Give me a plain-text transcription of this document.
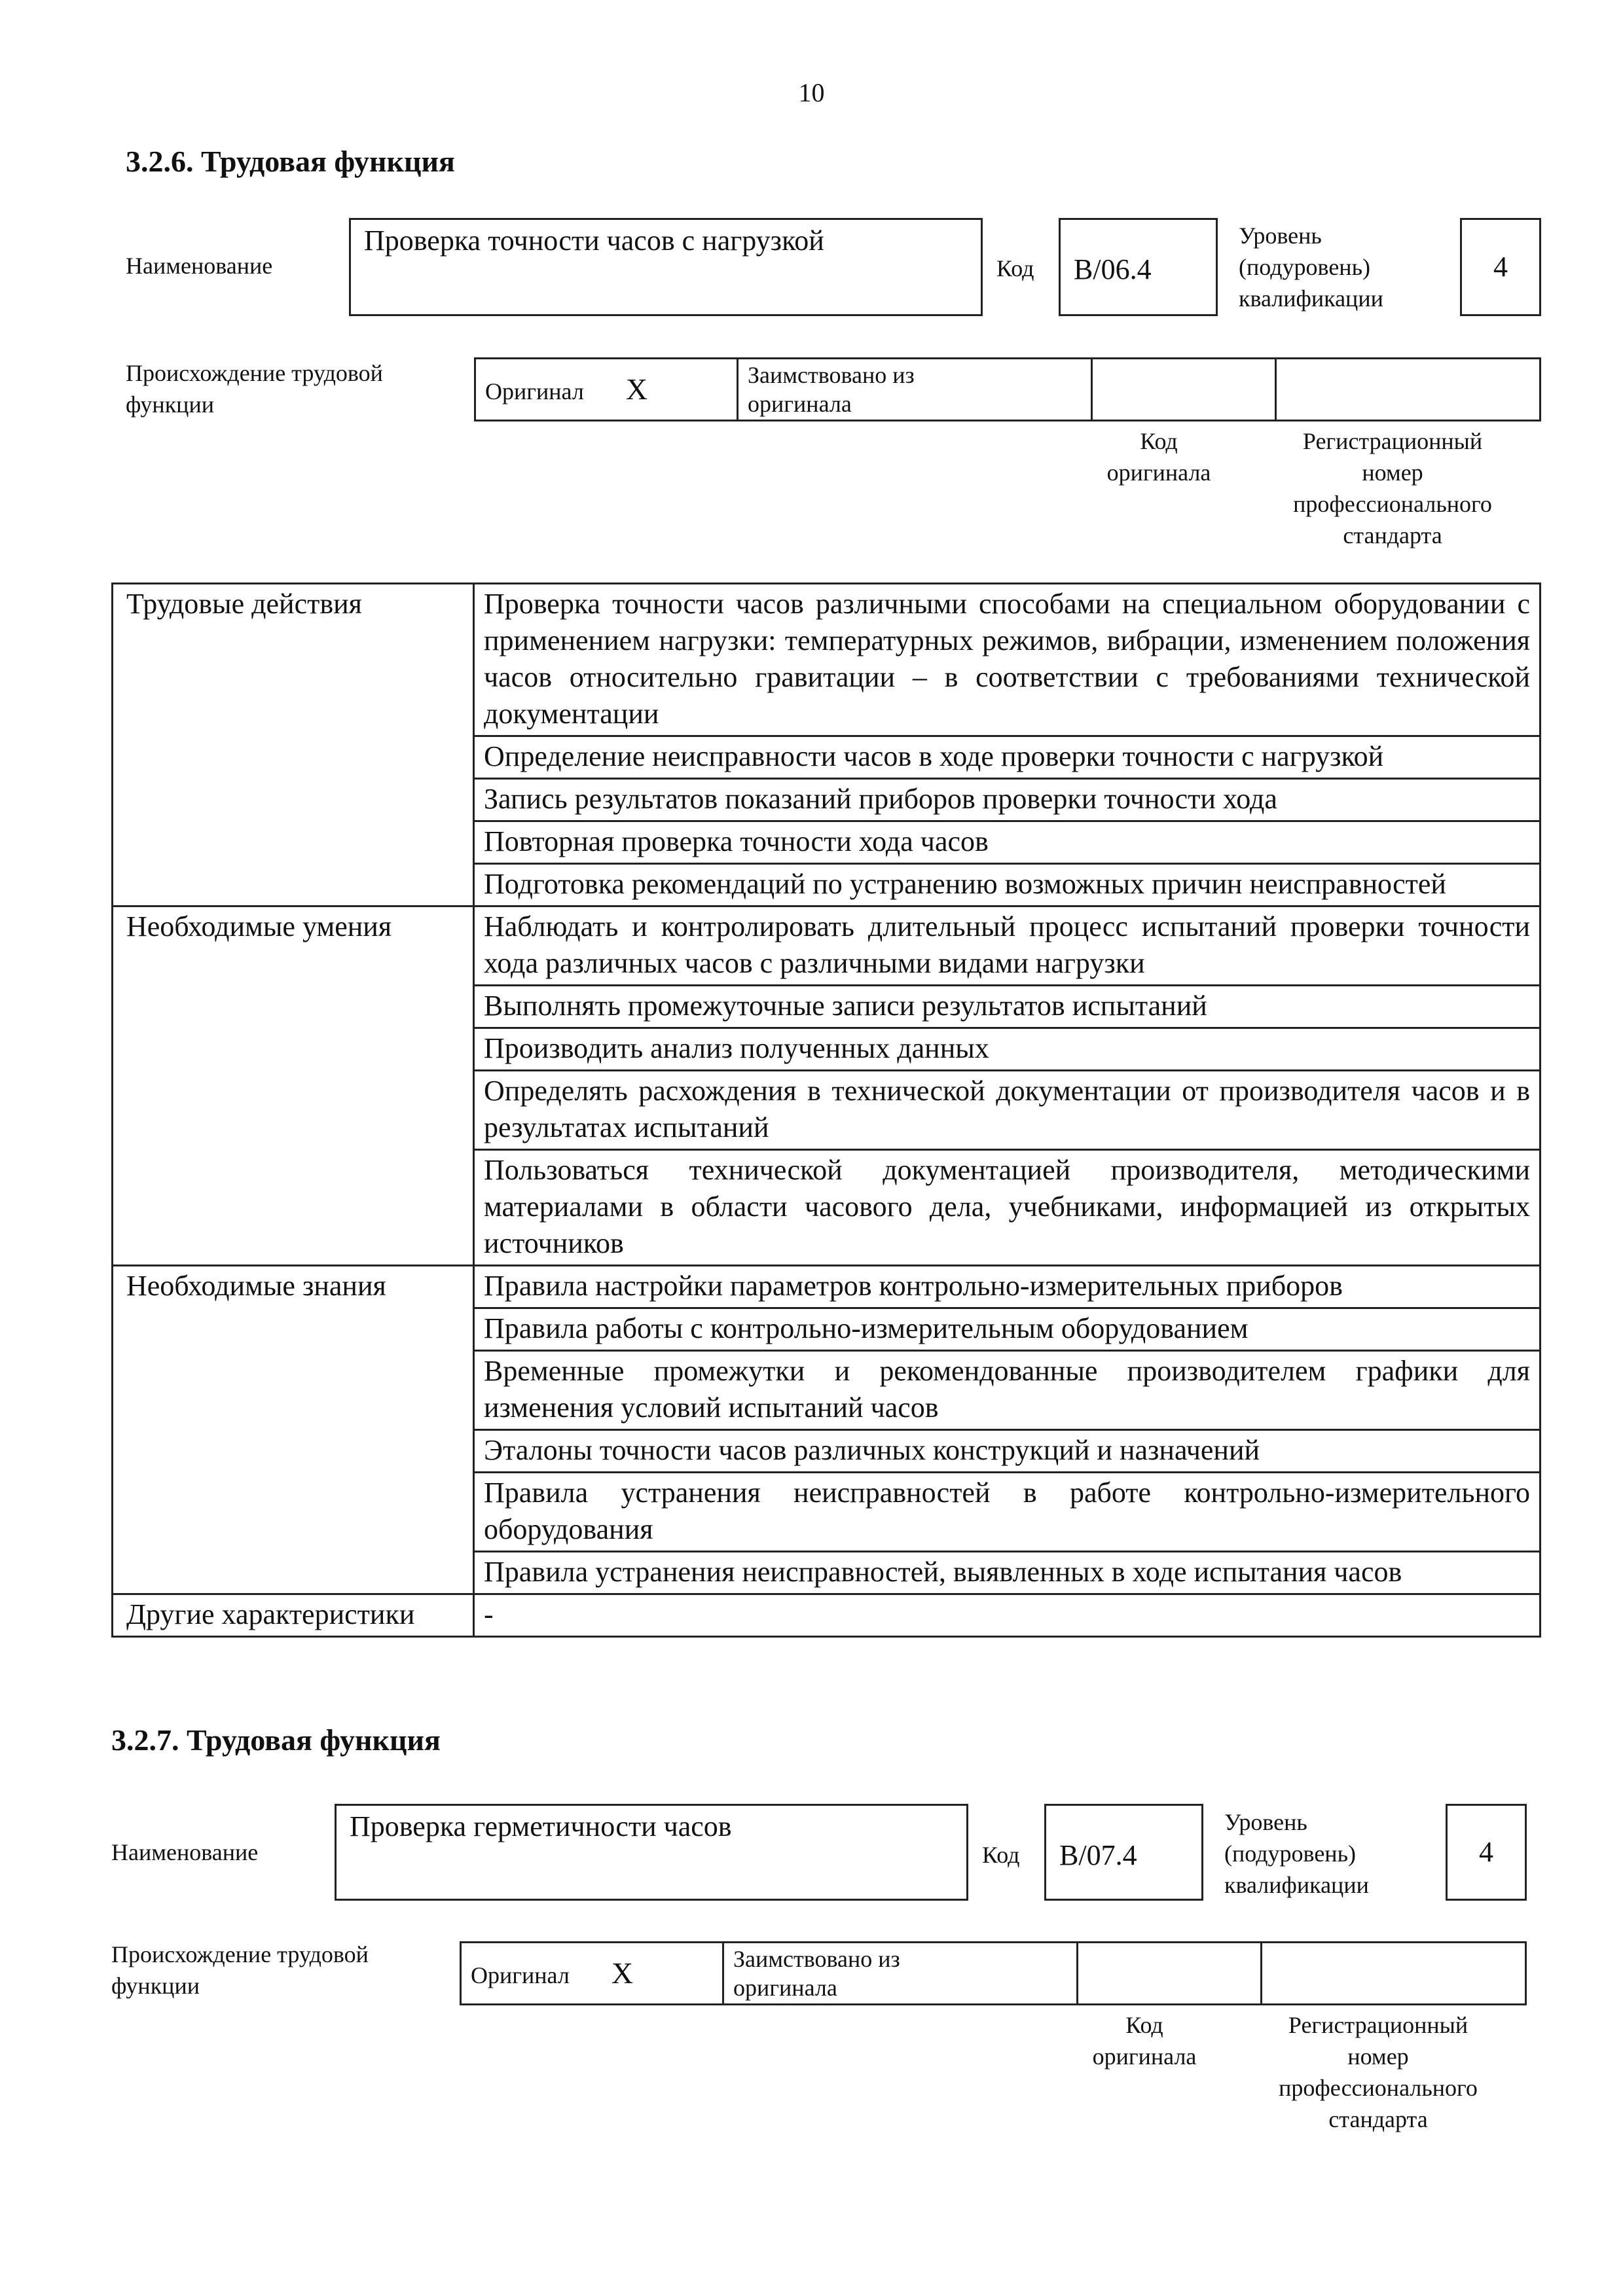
10
3.2.6. Трудовая функция
Наименование
Проверка точности часов с нагрузкой
Код	B/06.4
Уровень
(подуровень)
квалификации
4
Происхождение трудовой
функции	Оригинал X	Заимствовано из
оригинала

Код
оригинала
Регистрационный
номер
профессионального
стандарта
Трудовые действия	Проверка точности часов различными способами на специальном оборудовании с применением нагрузки: температурных режимов, вибрации, изменением положения часов относительно гравитации – в соответствии с требованиями технической документации
	Определение неисправности часов в ходе проверки точности с нагрузкой
	Запись результатов показаний приборов проверки точности хода
	Повторная проверка точности хода часов
	Подготовка рекомендаций по устранению возможных причин неисправностей
Необходимые умения	Наблюдать и контролировать длительный процесс испытаний проверки точности хода различных часов с различными видами нагрузки
	Выполнять промежуточные записи результатов испытаний
	Производить анализ полученных данных
	Определять расхождения в технической документации от производителя часов и в результатах испытаний
	Пользоваться технической документацией производителя, методическими материалами в области часового дела, учебниками, информацией из открытых источников
Необходимые знания	Правила настройки параметров контрольно-измерительных приборов
	Правила работы с контрольно-измерительным оборудованием
	Временные промежутки и рекомендованные производителем графики для изменения условий испытаний часов
	Эталоны точности часов различных конструкций и назначений
	Правила устранения неисправностей в работе контрольно-измерительного оборудования
	Правила устранения неисправностей, выявленных в ходе испытания часов
Другие характеристики	-
3.2.7. Трудовая функция
Наименование
Проверка герметичности часов
Код	B/07.4
Уровень
(подуровень)
квалификации
4
Происхождение трудовой
функции	Оригинал X	Заимствовано из
оригинала

Код
оригинала
Регистрационный
номер
профессионального
стандарта
